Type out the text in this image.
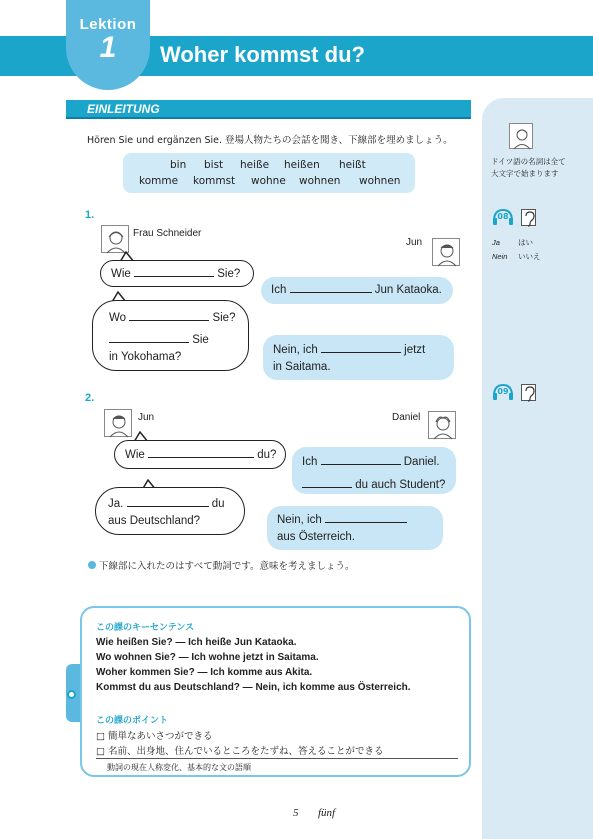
Lektion
1	Woher kommst du?
EINLEITUNG
Hören Sie und ergänzen Sie. 登場人物たちの会話を聞き、下線部を埋めましょう。
bin bist heiße heißen heißt
komme kommst wohne wohnen wohnen
1.
Frau Schneider
Jun
Wie	Sie?
Ich	Jun Kataoka.
Wo	Sie?
Sie
in Yokohama?
Nein, ich	jetzt
in Saitama.
2.
Jun	Daniel
Wie	du?
Ich	Daniel.
du auch Student?
Ja.	du
aus Deutschland?	Nein, ich
aus Österreich.
下線部に入れたのはすべて動詞です。意味を考えましょう。
この課のキーセンテンス
Wie heißen Sie? — Ich heiße Jun Kataoka.
Wo wohnen Sie? — Ich wohne jetzt in Saitama.
Woher kommen Sie? — Ich komme aus Akita.
Kommst du aus Deutschland? — Nein, ich komme aus Österreich.
この課のポイント
□ 簡単なあいさつができる
□ 名前、出身地、住んでいるところをたずね、答えることができる
動詞の現在人称変化、基本的な文の語順
ドイツ語の名詞は全て
大文字で始まります
08
Ja はい
Nein いいえ
09
5 fünf
